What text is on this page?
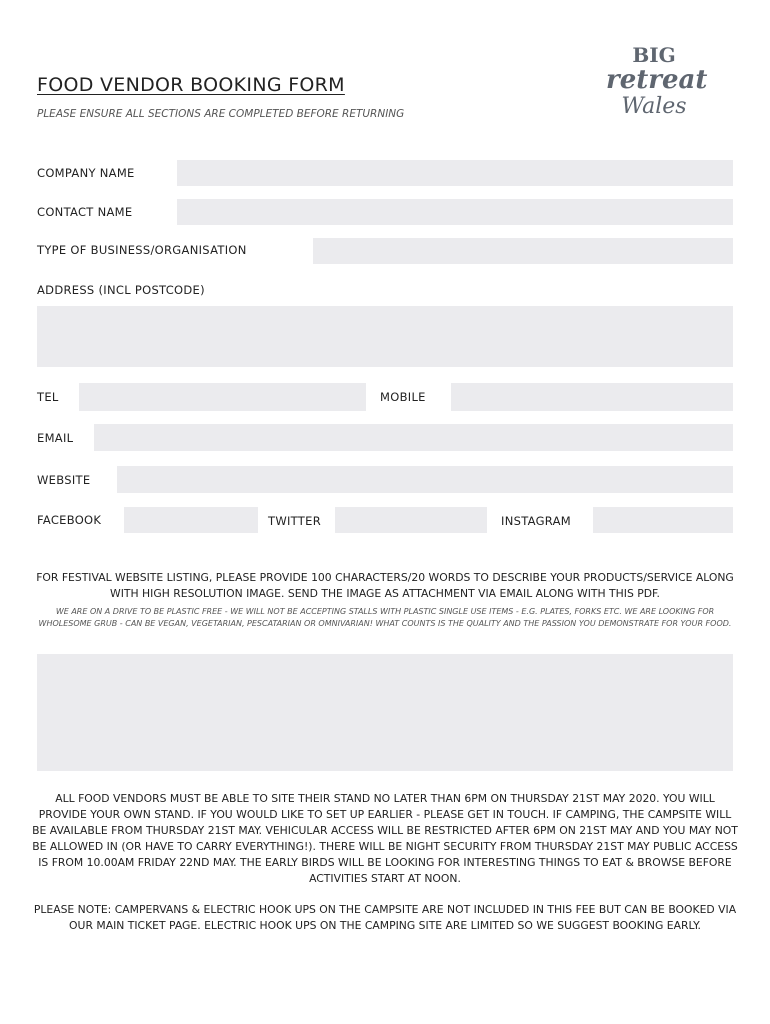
FOOD VENDOR BOOKING FORM
PLEASE ENSURE ALL SECTIONS ARE COMPLETED BEFORE RETURNING
BIG
retreat
Wales
COMPANY NAME
CONTACT NAME
TYPE OF BUSINESS/ORGANISATION
ADDRESS (INCL POSTCODE)
TEL	MOBILE
EMAIL
WEBSITE
FACEBOOK	TWITTER	INSTAGRAM
FOR FESTIVAL WEBSITE LISTING, PLEASE PROVIDE 100 CHARACTERS/20 WORDS TO DESCRIBE YOUR PRODUCTS/SERVICE ALONG WITH HIGH RESOLUTION IMAGE. SEND THE IMAGE AS ATTACHMENT VIA EMAIL ALONG WITH THIS PDF.
WE ARE ON A DRIVE TO BE PLASTIC FREE - WE WILL NOT BE ACCEPTING STALLS WITH PLASTIC SINGLE USE ITEMS - E.G. PLATES, FORKS ETC. WE ARE LOOKING FOR WHOLESOME GRUB - CAN BE VEGAN, VEGETARIAN, PESCATARIAN OR OMNIVARIAN! WHAT COUNTS IS THE QUALITY AND THE PASSION YOU DEMONSTRATE FOR YOUR FOOD.
ALL FOOD VENDORS MUST BE ABLE TO SITE THEIR STAND NO LATER THAN 6PM ON THURSDAY 21ST MAY 2020. YOU WILL PROVIDE YOUR OWN STAND. IF YOU WOULD LIKE TO SET UP EARLIER - PLEASE GET IN TOUCH. IF CAMPING, THE CAMPSITE WILL BE AVAILABLE FROM THURSDAY 21ST MAY. VEHICULAR ACCESS WILL BE RESTRICTED AFTER 6PM ON 21ST MAY AND YOU MAY NOT BE ALLOWED IN (OR HAVE TO CARRY EVERYTHING!). THERE WILL BE NIGHT SECURITY FROM THURSDAY 21ST MAY PUBLIC ACCESS IS FROM 10.00AM FRIDAY 22ND MAY. THE EARLY BIRDS WILL BE LOOKING FOR INTERESTING THINGS TO EAT & BROWSE BEFORE ACTIVITIES START AT NOON.
PLEASE NOTE: CAMPERVANS & ELECTRIC HOOK UPS ON THE CAMPSITE ARE NOT INCLUDED IN THIS FEE BUT CAN BE BOOKED VIA OUR MAIN TICKET PAGE. ELECTRIC HOOK UPS ON THE CAMPING SITE ARE LIMITED SO WE SUGGEST BOOKING EARLY.
